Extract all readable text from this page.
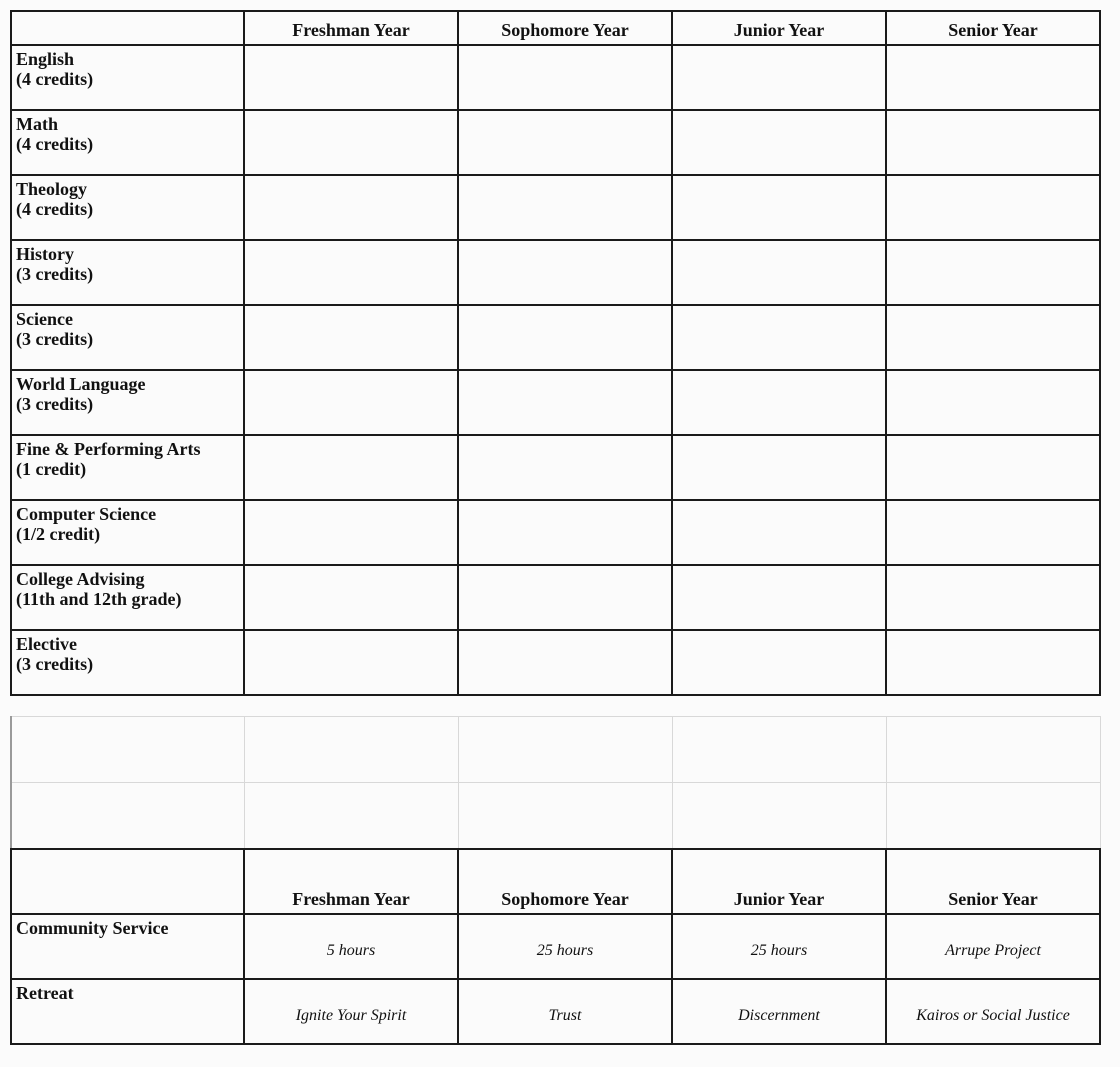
	Freshman Year	Sophomore Year	Junior Year	Senior Year

English
(4 credits)				

Math
(4 credits)				

Theology
(4 credits)				

History
(3 credits)				

Science
(3 credits)				

World Language
(3 credits)				

Fine & Performing Arts
(1 credit)				

Computer Science
(1/2 credit)				

College Advising
(11th and 12th grade)				

Elective
(3 credits)				

	Freshman Year	Sophomore Year	Junior Year	Senior Year

Community Service	5 hours	25 hours	25 hours	Arrupe Project

Retreat	Ignite Your Spirit	Trust	Discernment	Kairos or Social Justice
